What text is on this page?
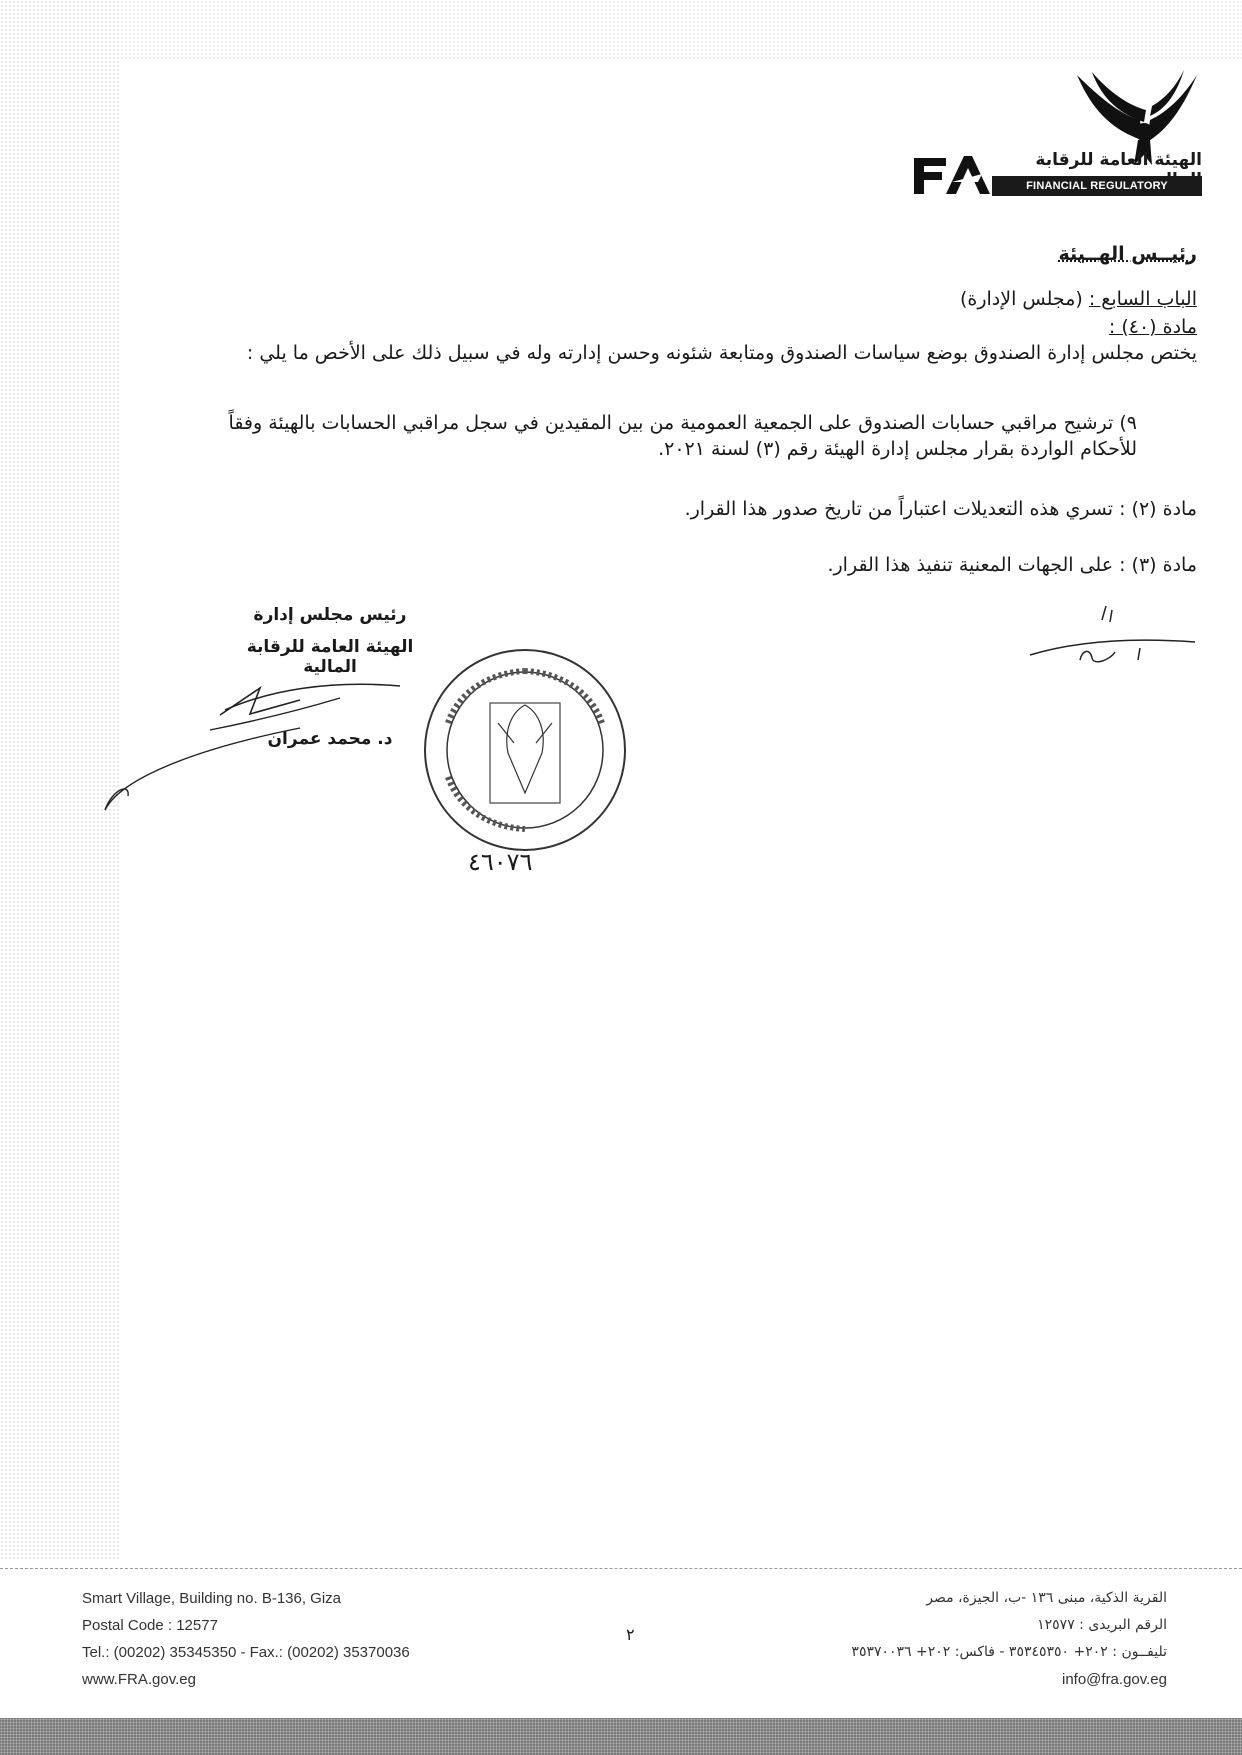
الهيئة العامة للرقابة
FINANCIAL REGULATORY AUTHORITY
رئيــس الهــيئة
الباب السابع : (مجلس الإدارة)
مادة (٤٠) :
يختص مجلس إدارة الصندوق بوضع سياسات الصندوق ومتابعة شئونه وحسن إدارته وله في سبيل ذلك على الأخص ما يلي :
٩) ترشيح مراقبي حسابات الصندوق على الجمعية العمومية من بين المقيدين في سجل مراقبي الحسابات بالهيئة وفقاً للأحكام الواردة بقرار مجلس إدارة الهيئة رقم (٣) لسنة ٢٠٢١.
مادة (٢) : تسري هذه التعديلات اعتباراً من تاريخ صدور هذا القرار.
مادة (٣) : على الجهات المعنية تنفيذ هذا القرار.
رئيس مجلس إدارة
الهيئة العامة للرقابة المالية
د. محمد عمران
٤٦٠٧٦
Smart Village, Building no. B-136, Giza
Postal Code : 12577
Tel.: (00202) 35345350 - Fax.: (00202) 35370036
www.FRA.gov.eg
٢
القرية الذكية، مبنى ١٣٦ -ب، الجيزة، مصر
الرقم البريدى : ١٢٥٧٧
تليفــون : ٢٠٢+ ٣٥٣٤٥٣٥٠ - فاكس: ٢٠٢+ ٣٥٣٧٠٠٣٦
info@fra.gov.eg
